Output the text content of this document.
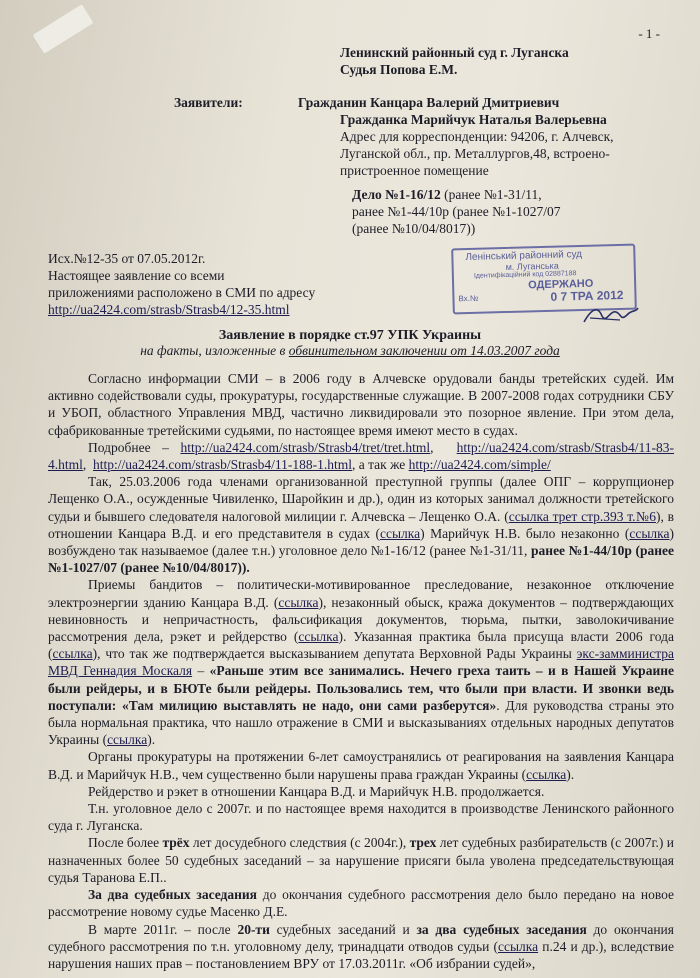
- 1 -
Ленинский районный суд г. Луганска
Судья Попова Е.М.
Заявители:	Гражданин Канцара Валерий Дмитриевич
Гражданка Марийчук Наталья Валерьевна
Адрес для корреспонденции: 94206, г. Алчевск,
Луганской обл., пр. Металлургов,48, встроено-
пристроенное помещение
Дело №1-16/12 (ранее №1-31/11,
ранее №1-44/10р (ранее №1-1027/07
(ранее №10/04/8017))
Исх.№12-35 от 07.05.2012г.
Настоящее заявление со всеми
приложениями расположено в СМИ по адресу
http://ua2424.com/strasb/Strasb4/12-35.html
Ленінський районний суд
м. Луганська
Ідентифікаційний код 02887188
ОДЕРЖАНО
Вх.№	0 7 ТРА 2012
Заявление в порядке ст.97 УПК Украины
на факты, изложенные в обвинительном заключении от 14.03.2007 года

Согласно информации СМИ – в 2006 году в Алчевске орудовали банды третейских судей. Им активно содействовали суды, прокуратуры, государственные служащие. В 2007-2008 годах сотрудники СБУ и УБОП, областного Управления МВД, частично ликвидировали это позорное явление. При этом дела, сфабрикованные третейскими судьями, по настоящее время имеют место в судах.

Подробнее – http://ua2424.com/strasb/Strasb4/tret/tret.html,  http://ua2424.com/strasb/Strasb4/11-83-4.html,  http://ua2424.com/strasb/Strasb4/11-188-1.html, а так же http://ua2424.com/simple/

Так, 25.03.2006 года членами организованной преступной группы (далее ОПГ – коррупционер Лещенко О.А., осужденные Чивиленко, Шаройкин и др.), один из которых занимал должности третейского судьи и бывшего следователя налоговой милиции г. Алчевска – Лещенко О.А. (ссылка трет стр.393 т.№6), в отношении Канцара В.Д. и его представителя в судах (ссылка) Марийчук Н.В. было незаконно (ссылка) возбуждено так называемое (далее т.н.) уголовное дело №1-16/12 (ранее №1-31/11, ранее №1-44/10р (ранее №1-1027/07 (ранее №10/04/8017)).

Приемы бандитов – политически-мотивированное преследование, незаконное отключение электроэнергии зданию Канцара В.Д. (ссылка), незаконный обыск, кража документов – подтверждающих невиновность и непричастность, фальсификация документов, тюрьма, пытки, заволокичивание рассмотрения дела, рэкет и рейдерство (ссылка). Указанная практика была присуща власти 2006 года (ссылка), что так же подтверждается высказыванием депутата Верховной Рады Украины экс-замминистра МВД Геннадия Москаля – «Раньше этим все занимались. Нечего греха таить – и в Нашей Украине были рейдеры, и в БЮТе были рейдеры. Пользовались тем, что были при власти. И звонки ведь поступали: «Там милицию выставлять не надо, они сами разберутся». Для руководства страны это была нормальная практика, что нашло отражение в СМИ и высказываниях отдельных народных депутатов Украины (ссылка).

Органы прокуратуры на протяжении 6-лет самоустранялись от реагирования на заявления Канцара В.Д. и Марийчук Н.В., чем существенно были нарушены права граждан Украины (ссылка).

Рейдерство и рэкет в отношении Канцара В.Д. и Марийчук Н.В. продолжается.

Т.н. уголовное дело с 2007г. и по настоящее время находится в производстве Ленинского районного суда г. Луганска.

После более трёх лет досудебного следствия (с 2004г.), трех лет судебных разбирательств (с 2007г.) и назначенных более 50 судебных заседаний – за нарушение присяги была уволена председательствующая судья Таранова Е.П..

За два судебных заседания до окончания судебного рассмотрения дело было передано на новое рассмотрение новому судье Масенко Д.Е.

В марте 2011г. – после 20-ти судебных заседаний и за два судебных заседания до окончания судебного рассмотрения по т.н. уголовному делу, тринадцати отводов судьи (ссылка п.24 и др.), вследствие нарушения наших прав – постановлением ВРУ от 17.03.2011г. «Об избрании судей»,
